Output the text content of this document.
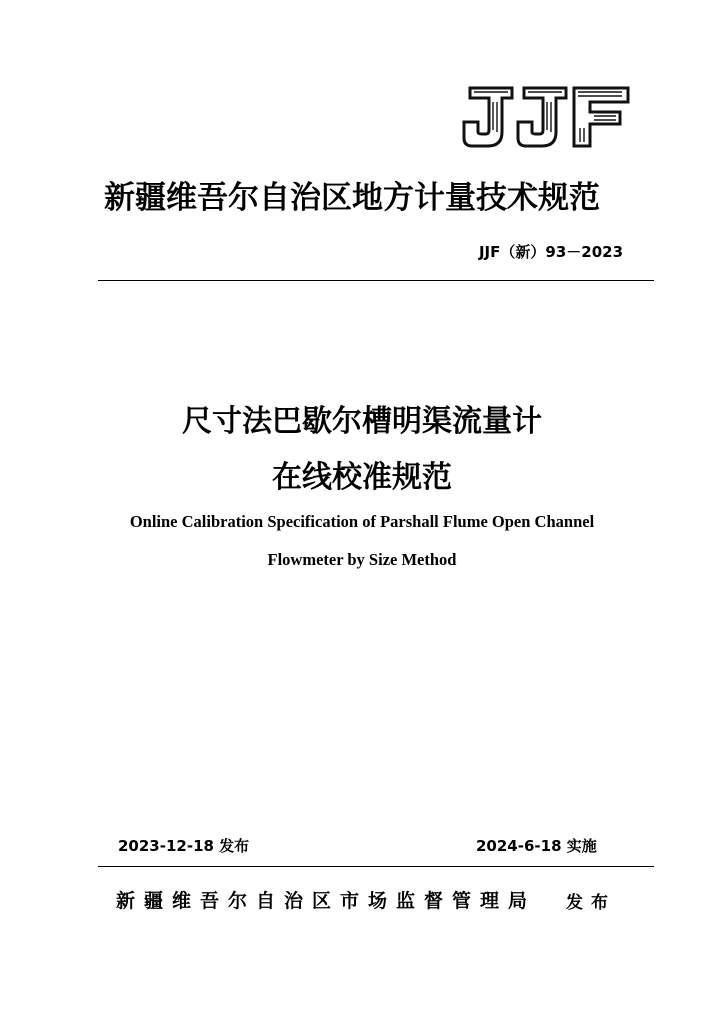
新疆维吾尔自治区地方计量技术规范
JJF（新）93－2023
尺寸法巴歇尔槽明渠流量计
在线校准规范
Online Calibration Specification of Parshall Flume Open Channel
Flowmeter by Size Method
2023-12-18 发布	2024-6-18 实施
新疆维吾尔自治区市场监督管理局 发布
